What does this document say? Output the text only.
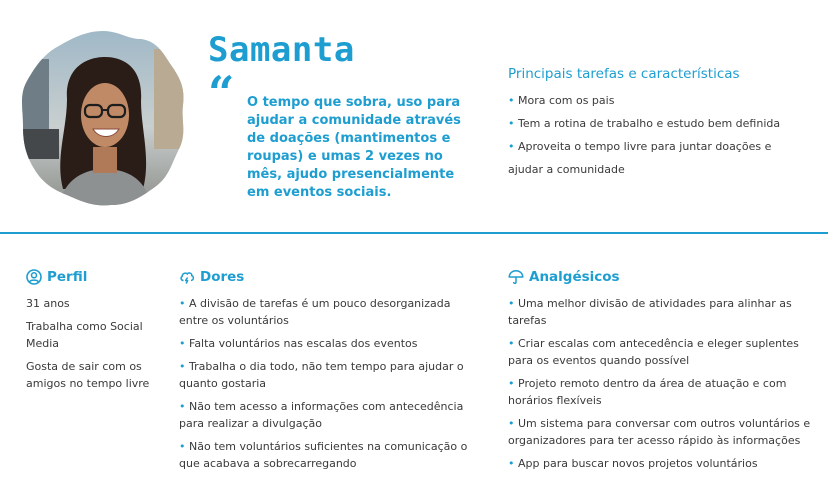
Samanta
“ O tempo que sobra, uso para ajudar a comunidade através de doações (mantimentos e roupas) e umas 2 vezes no mês, ajudo presencialmente em eventos sociais.

Principais tarefas e características

• Mora com os pais

• Tem a rotina de trabalho e estudo bem definida

• Aproveita o tempo livre para juntar doações e

ajudar a comunidade

Perfil

31 anos

Trabalha como Social

Media

Gosta de sair com os

amigos no tempo livre

Dores

• A divisão de tarefas é um pouco desorganizada

entre os voluntários

• Falta voluntários nas escalas dos eventos

• Trabalha o dia todo, não tem tempo para ajudar o

quanto gostaria

• Não tem acesso a informações com antecedência

para realizar a divulgação

• Não tem voluntários suficientes na comunicação o

que acabava a sobrecarregando

Analgésicos

• Uma melhor divisão de atividades para alinhar as tarefas

• Criar escalas com antecedência e eleger suplentes

para os eventos quando possível

• Projeto remoto dentro da área de atuação e com

horários flexíveis

• Um sistema para conversar com outros voluntários e

organizadores para ter acesso rápido às informações

• App para buscar novos projetos voluntários
